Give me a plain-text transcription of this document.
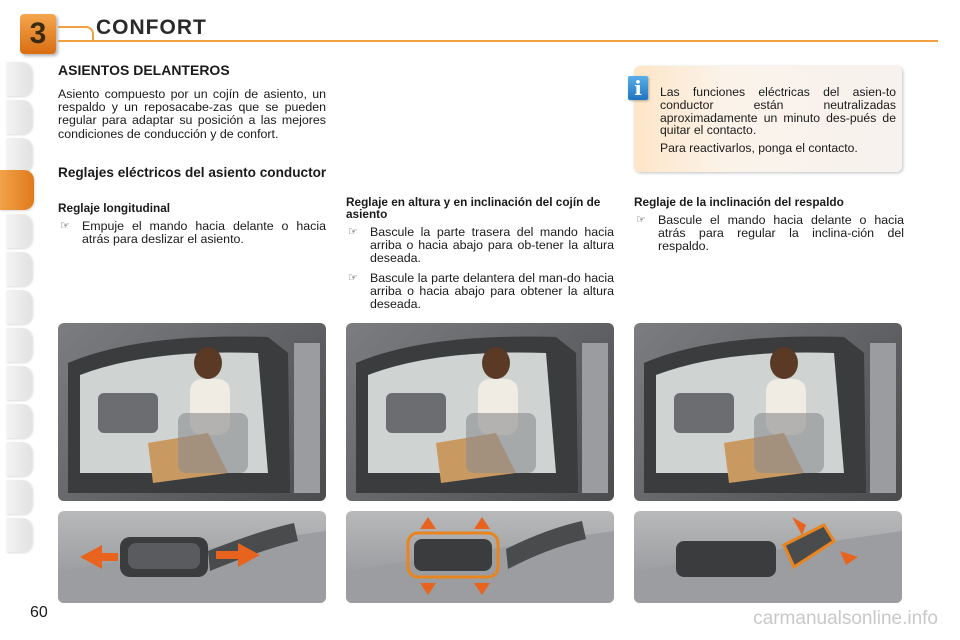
3	CONFORT
ASIENTOS DELANTEROS
Asiento compuesto por un cojín de asiento, un respaldo y un reposacabe-zas que se pueden regular para adaptar su posición a las mejores condiciones de conducción y de confort.
Reglajes eléctricos del asiento conductor
Reglaje longitudinal
☞ Empuje el mando hacia delante o hacia atrás para deslizar el asiento.
Reglaje en altura y en inclinación del cojín de asiento
☞ Bascule la parte trasera del mando hacia arriba o hacia abajo para ob-tener la altura deseada.
☞ Bascule la parte delantera del man-do hacia arriba o hacia abajo para obtener la altura deseada.
Reglaje de la inclinación del respaldo
☞ Bascule el mando hacia delante o hacia atrás para regular la inclina-ción del respaldo.
i	Las funciones eléctricas del asien-to conductor están neutralizadas aproximadamente un minuto des-pués de quitar el contacto.

Para reactivarlos, ponga el contacto.

60	carmanualsonline.info
